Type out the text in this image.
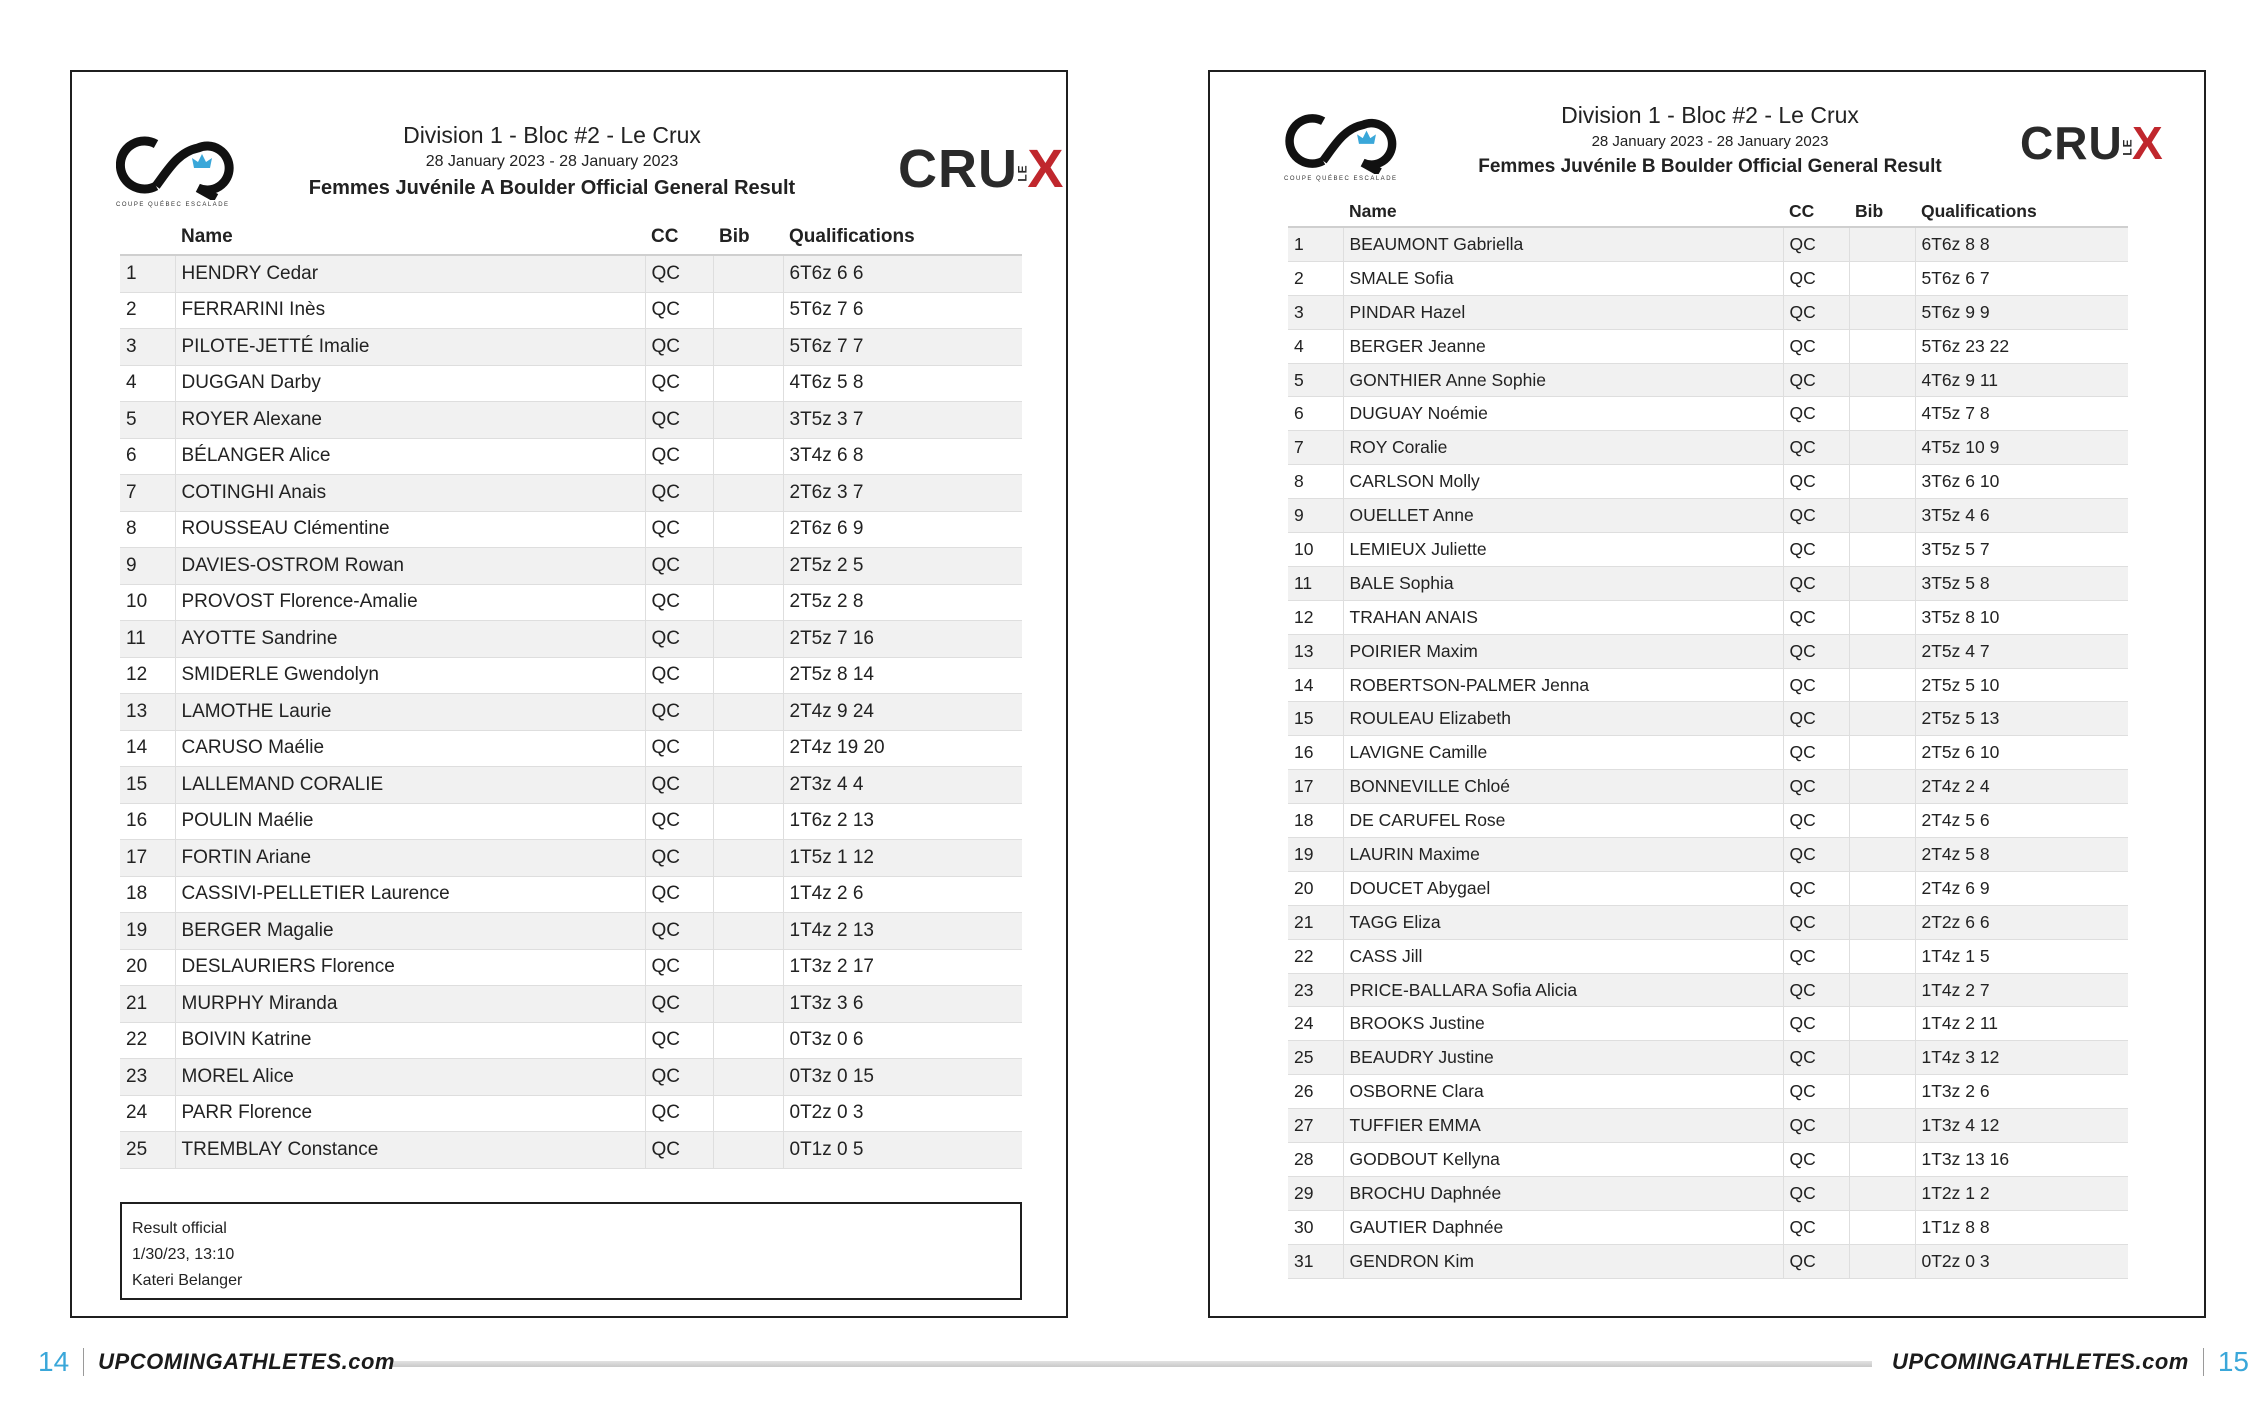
COUPE QUÉBEC ESCALADE
Division 1 - Bloc #2 - Le Crux
28 January 2023 - 28 January 2023
Femmes Juvénile A Boulder Official General Result	CRULEX
	Name	CC	Bib	Qualifications
1	HENDRY Cedar	QC		6T6z 6 6
2	FERRARINI Inès	QC		5T6z 7 6
3	PILOTE-JETTÉ Imalie	QC		5T6z 7 7
4	DUGGAN Darby	QC		4T6z 5 8
5	ROYER Alexane	QC		3T5z 3 7
6	BÉLANGER Alice	QC		3T4z 6 8
7	COTINGHI Anais	QC		2T6z 3 7
8	ROUSSEAU Clémentine	QC		2T6z 6 9
9	DAVIES-OSTROM Rowan	QC		2T5z 2 5
10	PROVOST Florence-Amalie	QC		2T5z 2 8
11	AYOTTE Sandrine	QC		2T5z 7 16
12	SMIDERLE Gwendolyn	QC		2T5z 8 14
13	LAMOTHE Laurie	QC		2T4z 9 24
14	CARUSO Maélie	QC		2T4z 19 20
15	LALLEMAND CORALIE	QC		2T3z 4 4
16	POULIN Maélie	QC		1T6z 2 13
17	FORTIN Ariane	QC		1T5z 1 12
18	CASSIVI-PELLETIER Laurence	QC		1T4z 2 6
19	BERGER Magalie	QC		1T4z 2 13
20	DESLAURIERS Florence	QC		1T3z 2 17
21	MURPHY Miranda	QC		1T3z 3 6
22	BOIVIN Katrine	QC		0T3z 0 6
23	MOREL Alice	QC		0T3z 0 15
24	PARR Florence	QC		0T2z 0 3
25	TREMBLAY Constance	QC		0T1z 0 5
Result official
1/30/23, 13:10
Kateri Belanger
COUPE QUÉBEC ESCALADE
Division 1 - Bloc #2 - Le Crux
28 January 2023 - 28 January 2023
Femmes Juvénile B Boulder Official General Result	CRULEX
	Name	CC	Bib	Qualifications
1	BEAUMONT Gabriella	QC		6T6z 8 8
2	SMALE Sofia	QC		5T6z 6 7
3	PINDAR Hazel	QC		5T6z 9 9
4	BERGER Jeanne	QC		5T6z 23 22
5	GONTHIER Anne Sophie	QC		4T6z 9 11
6	DUGUAY Noémie	QC		4T5z 7 8
7	ROY Coralie	QC		4T5z 10 9
8	CARLSON Molly	QC		3T6z 6 10
9	OUELLET Anne	QC		3T5z 4 6
10	LEMIEUX Juliette	QC		3T5z 5 7
11	BALE Sophia	QC		3T5z 5 8
12	TRAHAN ANAIS	QC		3T5z 8 10
13	POIRIER Maxim	QC		2T5z 4 7
14	ROBERTSON-PALMER Jenna	QC		2T5z 5 10
15	ROULEAU Elizabeth	QC		2T5z 5 13
16	LAVIGNE Camille	QC		2T5z 6 10
17	BONNEVILLE Chloé	QC		2T4z 2 4
18	DE CARUFEL Rose	QC		2T4z 5 6
19	LAURIN Maxime	QC		2T4z 5 8
20	DOUCET Abygael	QC		2T4z 6 9
21	TAGG Eliza	QC		2T2z 6 6
22	CASS Jill	QC		1T4z 1 5
23	PRICE-BALLARA Sofia Alicia	QC		1T4z 2 7
24	BROOKS Justine	QC		1T4z 2 11
25	BEAUDRY Justine	QC		1T4z 3 12
26	OSBORNE Clara	QC		1T3z 2 6
27	TUFFIER EMMA	QC		1T3z 4 12
28	GODBOUT Kellyna	QC		1T3z 13 16
29	BROCHU Daphnée	QC		1T2z 1 2
30	GAUTIER Daphnée	QC		1T1z 8 8
31	GENDRON Kim	QC		0T2z 0 3
14 UPCOMINGATHLETES.com	UPCOMINGATHLETES.com 15
